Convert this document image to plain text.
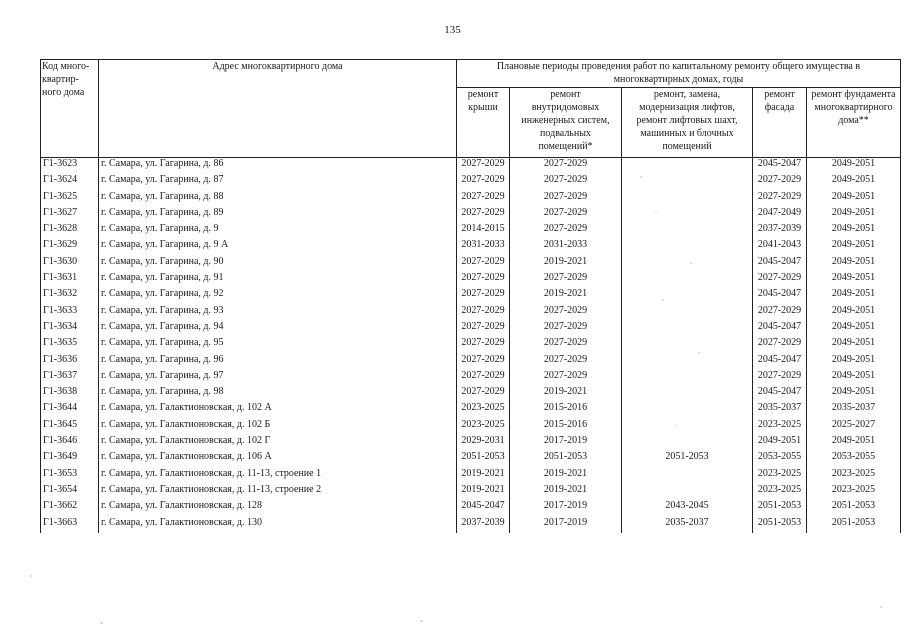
135
Код много-
квартир-
ного дома	Адрес многоквартирного дома	Плановые периоды проведения работ по капитальному ремонту общего имущества в многоквартирных домах, годы				
		ремонт
крыши	ремонт
внутридомовых
инженерных систем,
подвальных
помещений*	ремонт, замена,
модернизация лифтов,
ремонт лифтовых шахт,
машинных и блочных
помещений	ремонт
фасада	ремонт фундамента
многоквартирного
дома**
Г1-3623	г. Самара, ул. Гагарина, д. 86	2027-2029	2027-2029		2045-2047	2049-2051
Г1-3624	г. Самара, ул. Гагарина, д. 87	2027-2029	2027-2029		2027-2029	2049-2051
Г1-3625	г. Самара, ул. Гагарина, д. 88	2027-2029	2027-2029		2027-2029	2049-2051
Г1-3627	г. Самара, ул. Гагарина, д. 89	2027-2029	2027-2029		2047-2049	2049-2051
Г1-3628	г. Самара, ул. Гагарина, д. 9	2014-2015	2027-2029		2037-2039	2049-2051
Г1-3629	г. Самара, ул. Гагарина, д. 9 А	2031-2033	2031-2033		2041-2043	2049-2051
Г1-3630	г. Самара, ул. Гагарина, д. 90	2027-2029	2019-2021		2045-2047	2049-2051
Г1-3631	г. Самара, ул. Гагарина, д. 91	2027-2029	2027-2029		2027-2029	2049-2051
Г1-3632	г. Самара, ул. Гагарина, д. 92	2027-2029	2019-2021		2045-2047	2049-2051
Г1-3633	г. Самара, ул. Гагарина, д. 93	2027-2029	2027-2029		2027-2029	2049-2051
Г1-3634	г. Самара, ул. Гагарина, д. 94	2027-2029	2027-2029		2045-2047	2049-2051
Г1-3635	г. Самара, ул. Гагарина, д. 95	2027-2029	2027-2029		2027-2029	2049-2051
Г1-3636	г. Самара, ул. Гагарина, д. 96	2027-2029	2027-2029		2045-2047	2049-2051
Г1-3637	г. Самара, ул. Гагарина, д. 97	2027-2029	2027-2029		2027-2029	2049-2051
Г1-3638	г. Самара, ул. Гагарина, д. 98	2027-2029	2019-2021		2045-2047	2049-2051
Г1-3644	г. Самара, ул. Галактионовская, д. 102 А	2023-2025	2015-2016		2035-2037	2035-2037
Г1-3645	г. Самара, ул. Галактионовская, д. 102 Б	2023-2025	2015-2016		2023-2025	2025-2027
Г1-3646	г. Самара, ул. Галактионовская, д. 102 Г	2029-2031	2017-2019		2049-2051	2049-2051
Г1-3649	г. Самара, ул. Галактионовская, д. 106 А	2051-2053	2051-2053	2051-2053	2053-2055	2053-2055
Г1-3653	г. Самара, ул. Галактионовская, д. 11-13, строение 1	2019-2021	2019-2021		2023-2025	2023-2025
Г1-3654	г. Самара, ул. Галактионовская, д. 11-13, строение 2	2019-2021	2019-2021		2023-2025	2023-2025
Г1-3662	г. Самара, ул. Галактионовская, д. 128	2045-2047	2017-2019	2043-2045	2051-2053	2051-2053
Г1-3663	г. Самара, ул. Галактионовская, д. 130	2037-2039	2017-2019	2035-2037	2051-2053	2051-2053
